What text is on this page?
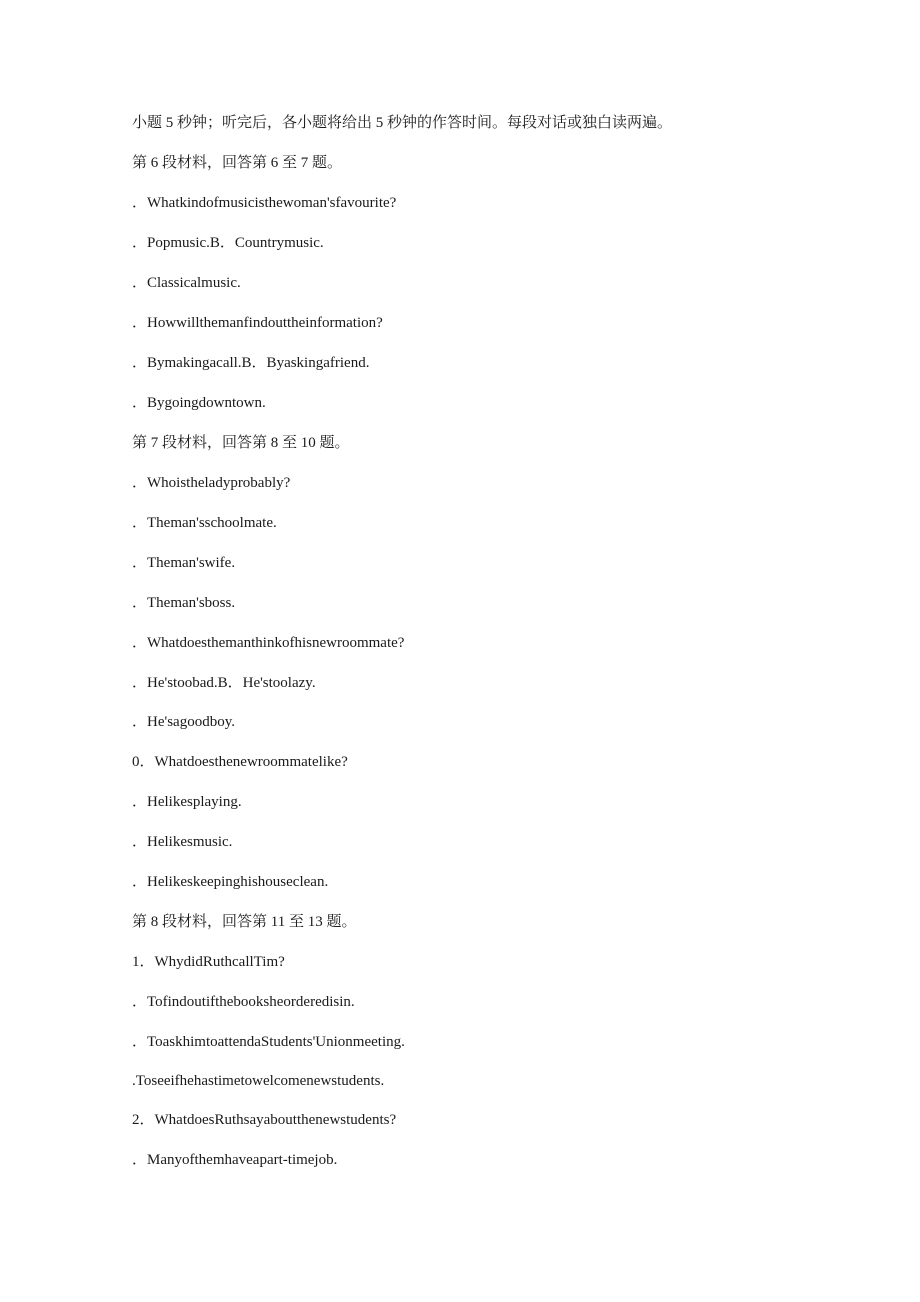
小题 5 秒钟；听完后，各小题将给出 5 秒钟的作答时间。每段对话或独白读两遍。
第 6 段材料，回答第 6 至 7 题。
．Whatkindofmusicisthewoman'sfavourite?
．Popmusic.B．Countrymusic.
．Classicalmusic.
．Howwillthemanfindouttheinformation?
．Bymakingacall.B．Byaskingafriend.
．Bygoingdowntown.
第 7 段材料，回答第 8 至 10 题。
．Whoistheladyprobably?
．Theman'sschoolmate.
．Theman'swife.
．Theman'sboss.
．Whatdoesthemanthinkofhisnewroommate?
．He'stoobad.B．He'stoolazy.
．He'sagoodboy.
0．Whatdoesthenewroommatelike?
．Helikesplaying.
．Helikesmusic.
．Helikeskeepinghishouseclean.
第 8 段材料，回答第 11 至 13 题。
1．WhydidRuthcallTim?
．Tofindoutifthebooksheorderedisin.
．ToaskhimtoattendaStudents'Unionmeeting.
.Toseeifhehastimetowelcomenewstudents.
2．WhatdoesRuthsayaboutthenewstudents?
．Manyofthemhaveapart-timejob.
